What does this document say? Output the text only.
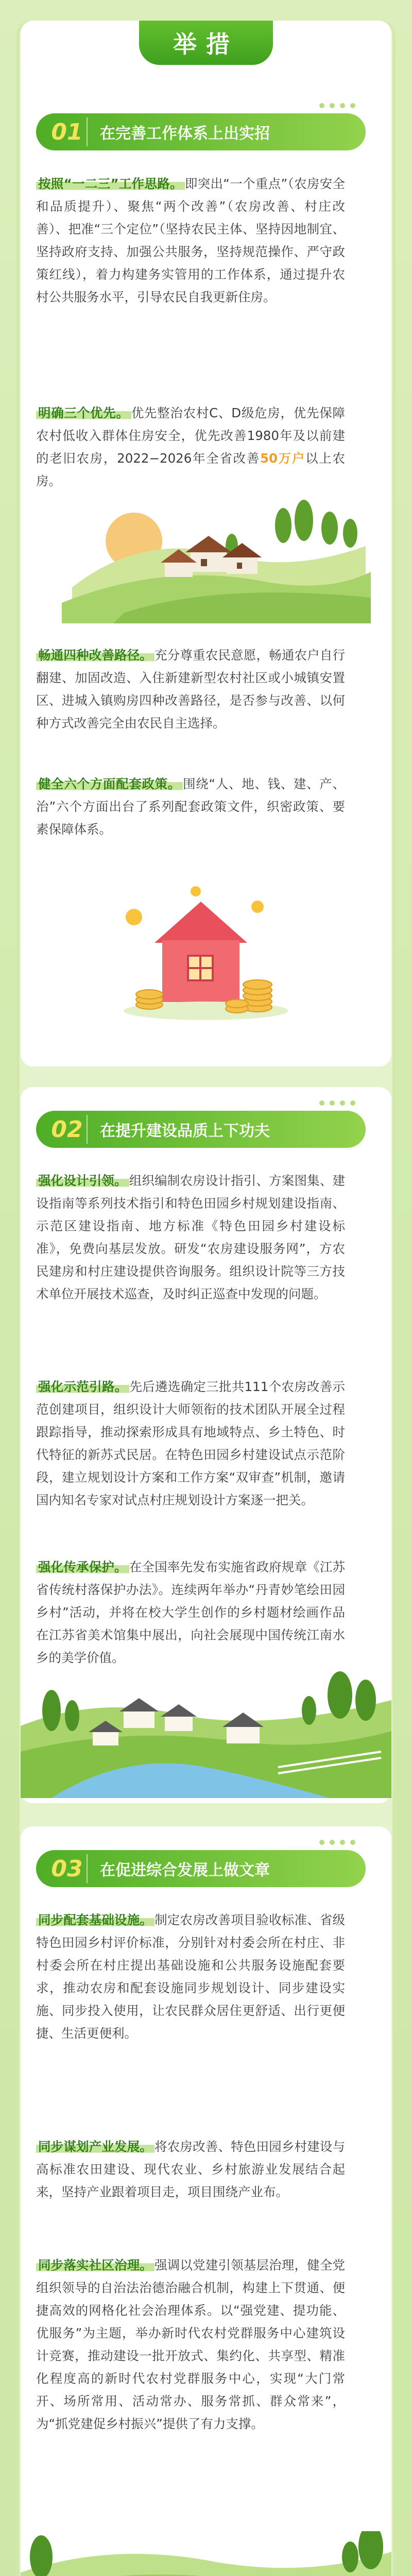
举措
01	在完善工作体系上出实招
按照“一二三”工作思路。 即突出“一个重点”（农房安全和品质提升）、聚焦“两个改善”（农房改善、村庄改善）、把准“三个定位”（坚持农民主体、坚持因地制宜、坚持政府支持、加强公共服务，坚持规范操作、严守政策红线），着力构建务实管用的工作体系，通过提升农村公共服务水平，引导农民自我更新住房。
明确三个优先。 优先整治农村C、D级危房，优先保障农村低收入群体住房安全，优先改善1980年及以前建的老旧农房，2022−2026年全省改善50万户以上农房。
畅通四种改善路径。 充分尊重农民意愿，畅通农户自行翻建、加固改造、入住新建新型农村社区或小城镇安置区、进城入镇购房四种改善路径，是否参与改善、以何种方式改善完全由农民自主选择。
健全六个方面配套政策。 围绕“人、地、钱、建、产、治”六个方面出台了系列配套政策文件，织密政策、要素保障体系。
02	在提升建设品质上下功夫
强化设计引领。 组织编制农房设计指引、方案图集、建设指南等系列技术指引和特色田园乡村规划建设指南、示范区建设指南、地方标准《特色田园乡村建设标准》，免费向基层发放。研发“农房建设服务网”，方农民建房和村庄建设提供咨询服务。组织设计院等三方技术单位开展技术巡查，及时纠正巡查中发现的问题。
强化示范引路。 先后遴选确定三批共111个农房改善示范创建项目，组织设计大师领衔的技术团队开展全过程跟踪指导，推动探索形成具有地域特点、乡土特色、时代特征的新苏式民居。在特色田园乡村建设试点示范阶段，建立规划设计方案和工作方案“双审查”机制，邀请国内知名专家对试点村庄规划设计方案逐一把关。
强化传承保护。 在全国率先发布实施省政府规章《江苏省传统村落保护办法》。连续两年举办“丹青妙笔绘田园乡村”活动，并将在校大学生创作的乡村题材绘画作品在江苏省美术馆集中展出，向社会展现中国传统江南水乡的美学价值。
03	在促进综合发展上做文章
同步配套基础设施。 制定农房改善项目验收标准、省级特色田园乡村评价标准，分别针对村委会所在村庄、非村委会所在村庄提出基础设施和公共服务设施配套要求，推动农房和配套设施同步规划设计、同步建设实施、同步投入使用，让农民群众居住更舒适、出行更便捷、生活更便利。
同步谋划产业发展。 将农房改善、特色田园乡村建设与高标准农田建设、现代农业、乡村旅游业发展结合起来，坚持产业跟着项目走，项目围绕产业布。
同步落实社区治理。 强调以党建引领基层治理，健全党组织领导的自治法治德治融合机制，构建上下贯通、便捷高效的网格化社会治理体系。以“强党建、提功能、优服务”为主题，举办新时代农村党群服务中心建筑设计竞赛，推动建设一批开放式、集约化、共享型、精准化程度高的新时代农村党群服务中心，实现“大门常开、场所常用、活动常办、服务常抓、群众常来”，为“抓党建促乡村振兴”提供了有力支撑。
